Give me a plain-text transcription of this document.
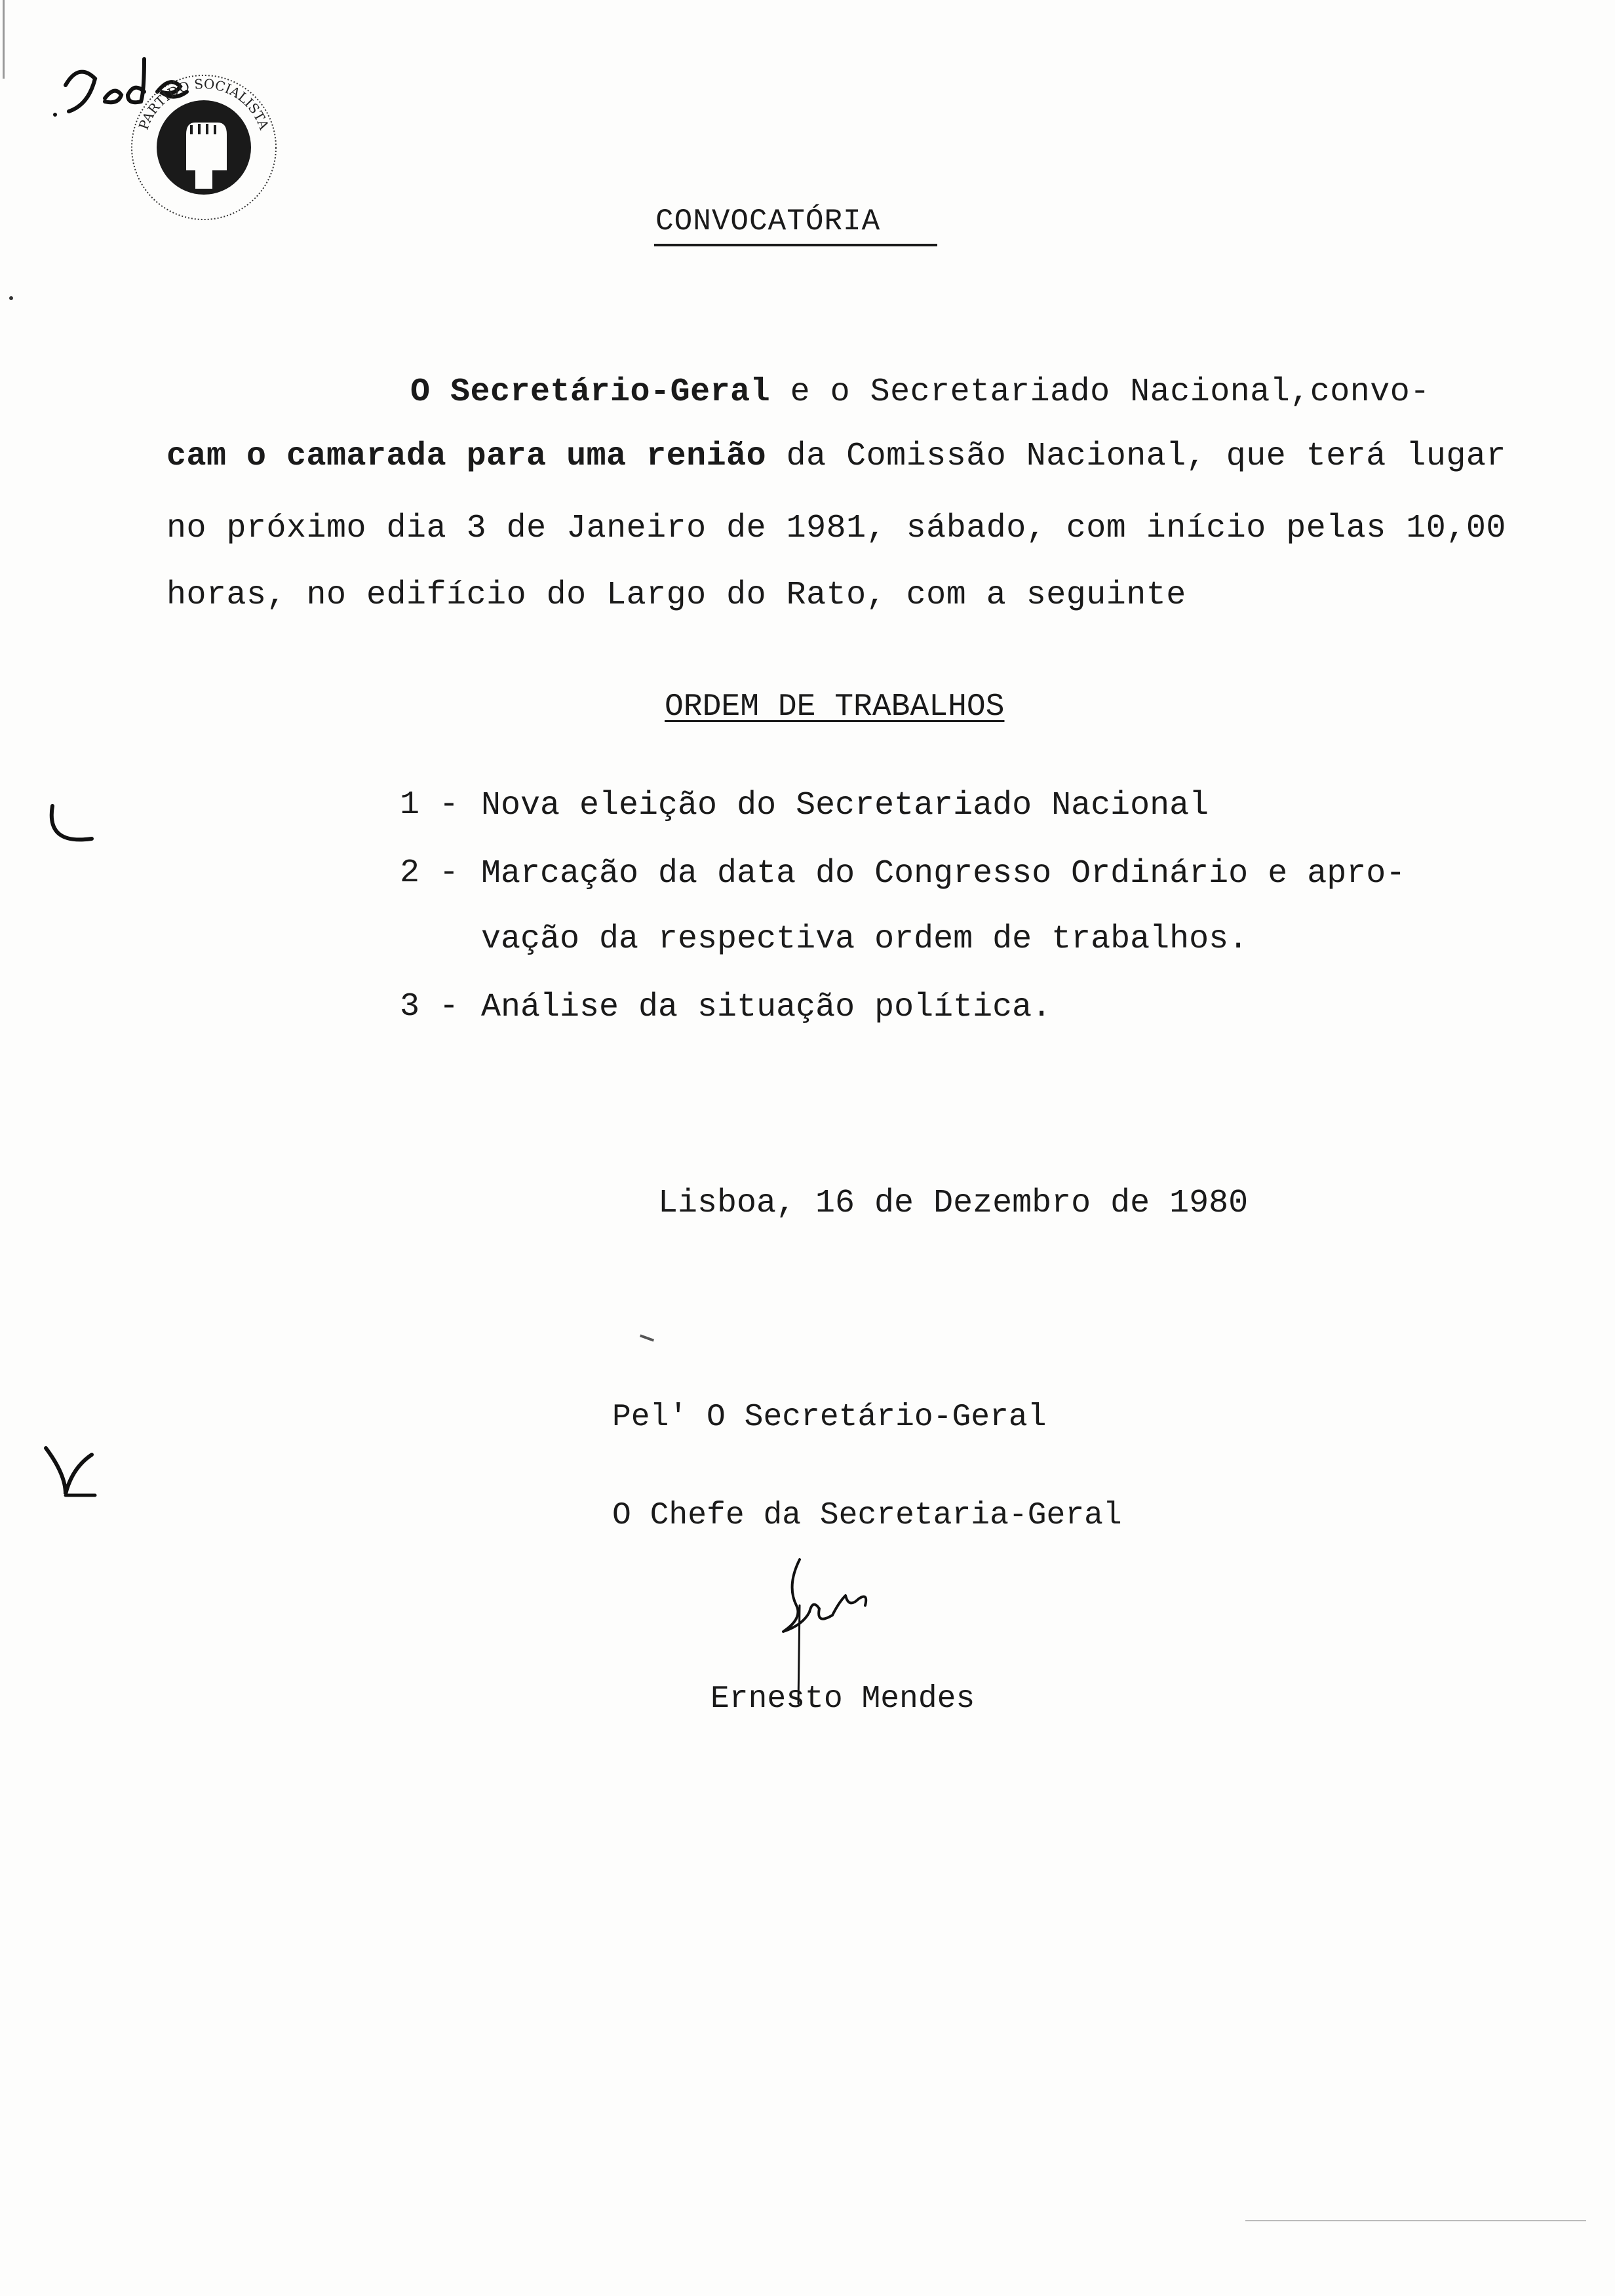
PARTIDO SOCIALISTA
CONVOCATÓRIA
O Secretário-Geral e o Secretariado Nacional,convo-
cam o camarada para uma renião da Comissão Nacional, que terá lugar
no próximo dia 3 de Janeiro de 1981, sábado, com início pelas 10,00
horas, no edifício do Largo do Rato, com a seguinte
ORDEM DE TRABALHOS
1 - Nova eleição do Secretariado Nacional
2 - Marcação da data do Congresso Ordinário e apro-
vação da respectiva ordem de trabalhos.
3 - Análise da situação política.
Lisboa, 16 de Dezembro de 1980
Pel' O Secretário-Geral
O Chefe da Secretaria-Geral
Ernesto Mendes
